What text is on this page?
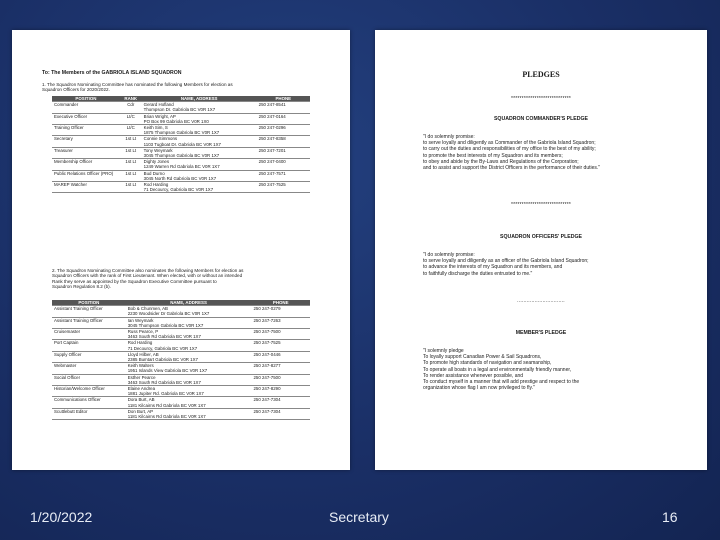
To: The Members of the GABRIOLA ISLAND SQUADRON
1. The Squadron Nominating Committee has nominated the following Members for election as
Squadron Officers for 2020/2022.
POSITION	RANK	NAME, ADDRESS	PHONE
Commander	Cdr	Gerard Hofland
Thompson Dr. Gabriola BC V0R 1X7	250 247-8541
Executive Officer	Lt/C	Brian Wright, AP
PO Box 99 Gabriola BC V0R 1X0	250 247-0164
Training Officer	Lt/C	Keith Sim, S
1875 Thompson Gabriola BC V0R 1X7	250 247-0296
Secretary	1st Lt	Connie Simmons
1103 Tugboat Dr. Gabriola BC V0R 1X7	250 247-8358
Treasurer	1st Lt	Tony Weymark
3045 Thompson Gabriola BC V0R 1X7	250 247-7201
Membership Officer	1st Lt	Dighty Jones
1249 Warren Rd Gabriola BC V0R 1X7	250 247-0400
Public Relations Officer (PRO)	1st Lt	Bud Durno
3045 North Rd Gabriola BC V0R 1X7	250 247-7571
MAREP Watcher	1st Lt	Rod Harding
71 Decourcy, Gabriola BC V0R 1X7	250 247-7525
2. The Squadron Nominating Committee also nominates the following Members for election as
Squadron Officers with the rank of First Lieutenant. When elected, with or without an intended
Rank they serve as appointed by the Squadron Executive Committee pursuant to
Squadron Regulation 8.2 (b).
POSITION	NAME, ADDRESS	PHONE
Assistant Training Officer	Bob & Chunmen, AB
2230 Woodsider Dr Gabriola BC V0R 1X7	250 247-0279
Assistant Training Officer	Ian Weymark
3045 Thompson Gabriola BC V0R 1X7	250 247-7263
Cruisemaster	Russ Pearce, P
3463 South Rd Gabriola BC V0R 1X7	250 247-7500
Port Captain	Rod Harding
71 Decourcy, Gabriola BC V0R 1X7	250 247-7525
Supply Officer	Lloyd Hilber, AB
2385 Bumtart Gabriola BC V0R 1X7	250 247-0446
Webmaster	Keith Walters
1951 Islands View Gabriola BC V0R 1X7	250 247-8277
Social Officer	Esther Pearce
3463 South Rd Gabriola BC V0R 1X7	250 247-7500
Historian/Welcome Officer	Elaine Andrea
1881 Jupiter Rd. Gabriola BC V0R 1X7	250 247-8290
Communications Officer	Dora Burt, AB
1181 Kilcairns Rd Gabriola BC V0R 1X7	250 247-7304
Scuttlebutt Editor	Don Burt, AP
1181 Kilcairns Rd Gabriola BC V0R 1X7	250 247-7304
PLEDGES
****************************
SQUADRON COMMANDER'S PLEDGE
"I do solemnly promise:
to serve loyally and diligently as Commander of the Gabriola Island Squadron;
to carry out the duties and responsibilities of my office to the best of my ability;
to promote the best interests of my Squadron and its members;
to obey and abide by the By-Laws and Regulations of the Corporation;
and to assist and support the District Officers in the performance of their duties."
****************************
SQUADRON OFFICERS' PLEDGE
"I do solemnly promise:
to serve loyally and diligently as an officer of the Gabriola Island Squadron;
to advance the interests of my Squadron and its members, and
to faithfully discharge the duties entrusted to me."
..............................
MEMBER'S PLEDGE
"I solemnly pledge
To loyally support Canadian Power & Sail Squadrons,
To promote high standards of navigation and seamanship,
To operate all boats in a legal and environmentally friendly manner,
To render assistance whenever possible, and
To conduct myself in a manner that will add prestige and respect to the
organization whose flag I am now privileged to fly."
1/20/2022	Secretary	16
